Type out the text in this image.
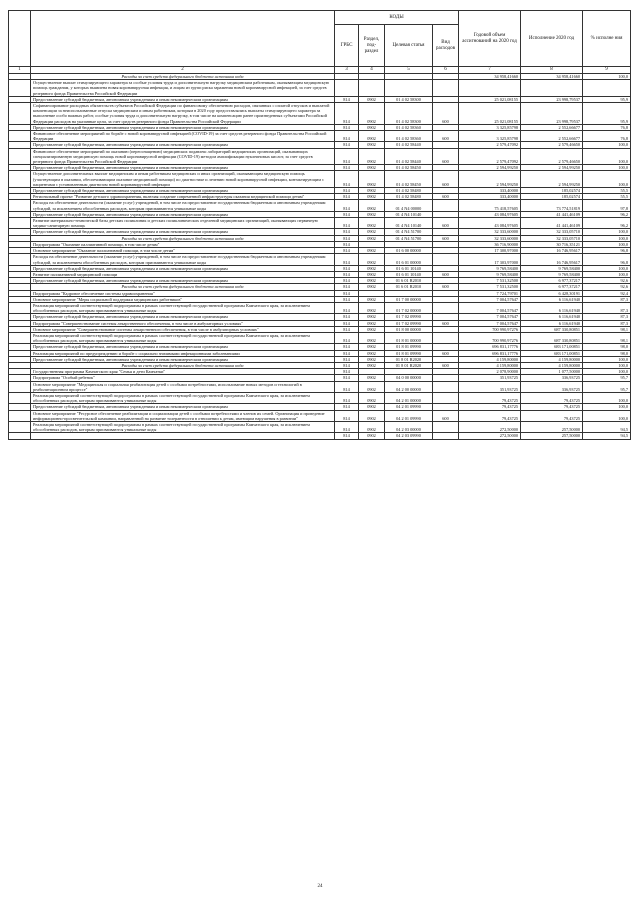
		КОДЫ				Годовой объем ассигнований на 2020 год	Исполнение 2020 год	% исполне ния
		ГРБС	Раздел, под-раздел	Целевая статья	Вид расходов			
1	2	3	4	5	6	7	8	9
	Расходы за счет средств федерального бюджета источника кода					34 958,41660	34 958,41660	100,0
	Осуществление выплат стимулирующего характера за особые условия труда и дополнительную нагрузку медицинским работникам, оказывающим медицинскую помощь гражданам, у которых выявлена новая коронавирусная инфекция, и лицам из групп риска заражения новой коронавирусной инфекцией, за счет средств резервного фонда Правительства Российской Федерации							
	Предоставление субсидий бюджетным, автономным учреждениям и иным некоммерческим организациям	814	0902	01 4 02 58300		25 021,08155	23 998,79537	95,9
	Софинансирование расходных обязательств субъектов Российской Федерации по финансовому обеспечению расходов, связанных с оплатой отпусков и выплатой компенсации за неиспользованные отпуска медицинским и иным работникам, которым в 2020 году предоставлялись выплаты стимулирующего характера за выполнение особо важных работ, особые условия труда и дополнительную нагрузку, в том числе на компенсацию ранее произведенных субъектами Российской Федерации расходов на указанные цели, за счет средств резервного фонда Правительства Российской Федерации	814	0902	01 4 02 58300	600	25 021,08155	23 998,79537	95,9
	Предоставление субсидий бюджетным, автономным учреждениям и иным некоммерческим организациям	814	0902	01 4 02 58360		3 325,85798	2 552,66677	76,8
	Финансовое обеспечение мероприятий по борьбе с новой коронавирусной инфекцией (COVID-19) за счет средств резервного фонда Правительства Российской Федерации	814	0902	01 4 02 58360	600	3 325,85798	2 552,66677	76,8
	Предоставление субсидий бюджетным, автономным учреждениям и иным некоммерческим организациям	814	0902	01 4 02 58440		2 579,47092	2 579,46650	100,0
	Финансовое обеспечение мероприятий по оказанию (переоснащению) медицинских подавлеш лабораторий медицинских организаций, оказывающих специализированную медицинскую помощь новой коронавирусной инфекции (COVID-19) методом амплификации нуклеиновых кислот, за счет средств резервного фонда Правительства Российской Федерации	814	0902	01 4 02 58440	600	2 579,47092	2 579,46650	100,0
	Предоставление субсидий бюджетным, автономным учреждениям и иным некоммерческим организациям	814	0902	01 4 02 58450		2 594,99250	2 594,99250	100,0
	Осуществление дополнительных выплат медицинским и иным работникам медицинских и иных организаций, оказывающим медицинскую помощь (участвующим в оказании, обеспечивающим оказание медицинской помощи) по диагностике и лечению новой коронавирусной инфекции, контактирующим с пациентами с установленным диагнозом новой коронавирусной инфекции	814	0902	01 4 02 58450	600	2 594,99250	2 594,99250	100,0
	Предоставление субсидий бюджетным, автономным учреждениям и иным некоммерческим организациям	814	0902	01 4 02 58480		333,40000	185,02574	55,5
	Региональный проект "Развитие детского здравоохранения, включая создание современной инфраструктуры оказания медицинской помощи детям"	814	0902	01 4 02 58480	600	333,40000	185,02574	55,5
	Расходы на обеспечение деятельности (оказание услуг) учреждений, в том числе на предоставление государственным бюджетным и автономным учреждениям субсидий, за исключением обособленных расходов, которым присваиваются уникальные коды	814	0902	01 4 N4 00000		75 418,57605	73 774,51819	97,8
	Предоставление субсидий бюджетным, автономным учреждениям и иным некоммерческим организациям	814	0902	01 4 N4 10140		43 084,97605	41 441,46109	96,2
	Развитие материально-технической базы детских поликлиник и детских поликлинических отделений медицинских организаций, оказывающих первичную медико-санитарную помощь	814	0902	01 4 N4 10140	600	43 084,97605	41 441,46109	96,2
	Предоставление субсидий бюджетным, автономным учреждениям и иным некоммерческим организациям	814	0902	01 4 N4 51700		32 333,60000	32 333,05710	100,0
	Расходы за счет средств федерального бюджета источника кода	814	0902	01 4 N4 51700	600	32 333,60000	32 333,05710	100,0
	Подпрограмма "Оказание паллиативной помощи, в том числе детям"	814				36 716,90000	30 716,35121	100,0
	Основное мероприятие "Оказание паллиативной помощи, в том числе детям"	814	0902	01 6 00 00000		17 300,97000	16 746,95617	96,8
	Расходы на обеспечение деятельности (оказание услуг) учреждений, в том числе на предоставление государственным бюджетным и автономным учреждениям субсидий, за исключением обособленных расходов, которым присваиваются уникальные коды	814	0902	01 6 01 00000		17 303,97000	16 746,95617	96,8
	Предоставление субсидий бюджетным, автономным учреждениям и иным некоммерческим организациям	814	0902	01 6 01 10140		9 769,58400	9 769,58400	100,0
	Развитие паллиативной медицинской помощи	814	0902	01 6 01 10140	600	9 769,58400	9 769,58400	100,0
	Предоставление субсидий бюджетным, автономным учреждениям и иным некоммерческим организациям	814	0902	01 6 01 R2010		7 531,32500	6 977,37217	92,6
	Расходы за счет средств федерального бюджета источника кода	814	0902	01 6 01 R2010	600	7 531,32500	6 977,37217	92,6
	Подпрограмма "Кадровое обеспечение системы здравоохранения"	814				7 724,79701	6 428,30191	92,4
	Основное мероприятие "Меры социальной поддержки медицинских работников"	814	0902	01 7 00 00000		7 004,57647	6 116,61940	87,3
	Реализация мероприятий соответствующей подпрограммы в рамках соответствующей государственной программы Камчатского края, за исключением обособленных расходов, которым присваиваются уникальные коды	814	0902	01 7 02 00000		7 004,57647	6 116,61940	87,3
	Предоставление субсидий бюджетным, автономным учреждениям и иным некоммерческим организациям	814	0902	01 7 02 09990		7 004,57647	6 116,61940	87,3
	Подпрограмма "Совершенствование системы лекарственного обеспечения, в том числе в амбулаторных условиях"	814	0902	01 7 02 09990	600	7 004,57647	6 116,61940	87,3
	Основное мероприятие "Совершенствование системы лекарственного обеспечения, в том числе в амбулаторных условиях"	814	0902	01 8 00 00000		700 990,97276	687 330,80851	98,1
	Реализация мероприятий соответствующей подпрограммы в рамках соответствующей государственной программы Камчатского края, за исключением обособленных расходов, которым присваиваются уникальные коды	814	0902	01 8 01 00000		700 990,97276	687 330,80851	98,1
	Предоставление субсидий бюджетным, автономным учреждениям и иным некоммерческим организациям	814	0902	01 8 01 09990		696 831,17776	683 171,00851	98,0
	Реализация мероприятий по предупреждению и борьбе с социально значимыми инфекционными заболеваниями	814	0902	01 8 01 09990	600	696 831,17776	683 171,00851	98,0
	Предоставление субсидий бюджетным, автономным учреждениям и иным некоммерческим организациям	814	0902	01 8 01 R2020		4 159,80000	4 159,80000	100,0
	Расходы за счет средств федерального бюджета источника кода	814	0902	01 8 01 R2020	600	4 159,80000	4 159,80000	100,0
	Государственная программа Камчатского края "Семья и дети Камчатки"	814				2 078,90000	1 077,50000	100,0
	Подпрограмма "Особый ребенок"	814	0902	04 0 00 00000		351,93725	336,93725	95,7
	Основное мероприятие "Медицинская и социальная реабилитация детей с особыми потребностями, использование новых методов и технологий в реабилитационном процессе"	814	0902	04 2 00 00000		351,93725	336,93725	95,7
	Реализация мероприятий соответствующей подпрограммы в рамках соответствующей государственной программы Камчатского края, за исключением обособленных расходов, которым присваиваются уникальные коды	814	0902	04 2 01 00000		79,43725	79,43725	100,0
	Предоставление субсидий бюджетным, автономным учреждениям и иным некоммерческим организациям	814	0902	04 2 01 09990		79,43725	79,43725	100,0
	Основное мероприятие "Ресурсное обеспечение реабилитации и социализации детей с особыми потребностями и членов их семей. Организация и проведение информационно-просветительской кампании, направленной на развитие толерантности в отношении к детям, имеющим нарушения в развитии"	814	0902	04 2 01 09990	600	79,43725	79,43725	100,0
	Реализация мероприятий соответствующей подпрограммы в рамках соответствующей государственной программы Камчатского края, за исключением обособленных расходов, которым присваиваются уникальные коды	814	0902	04 2 03 00000		272,50000	257,50000	94,5
		814	0902	04 2 03 09990		272,50000	257,50000	94,5
24
